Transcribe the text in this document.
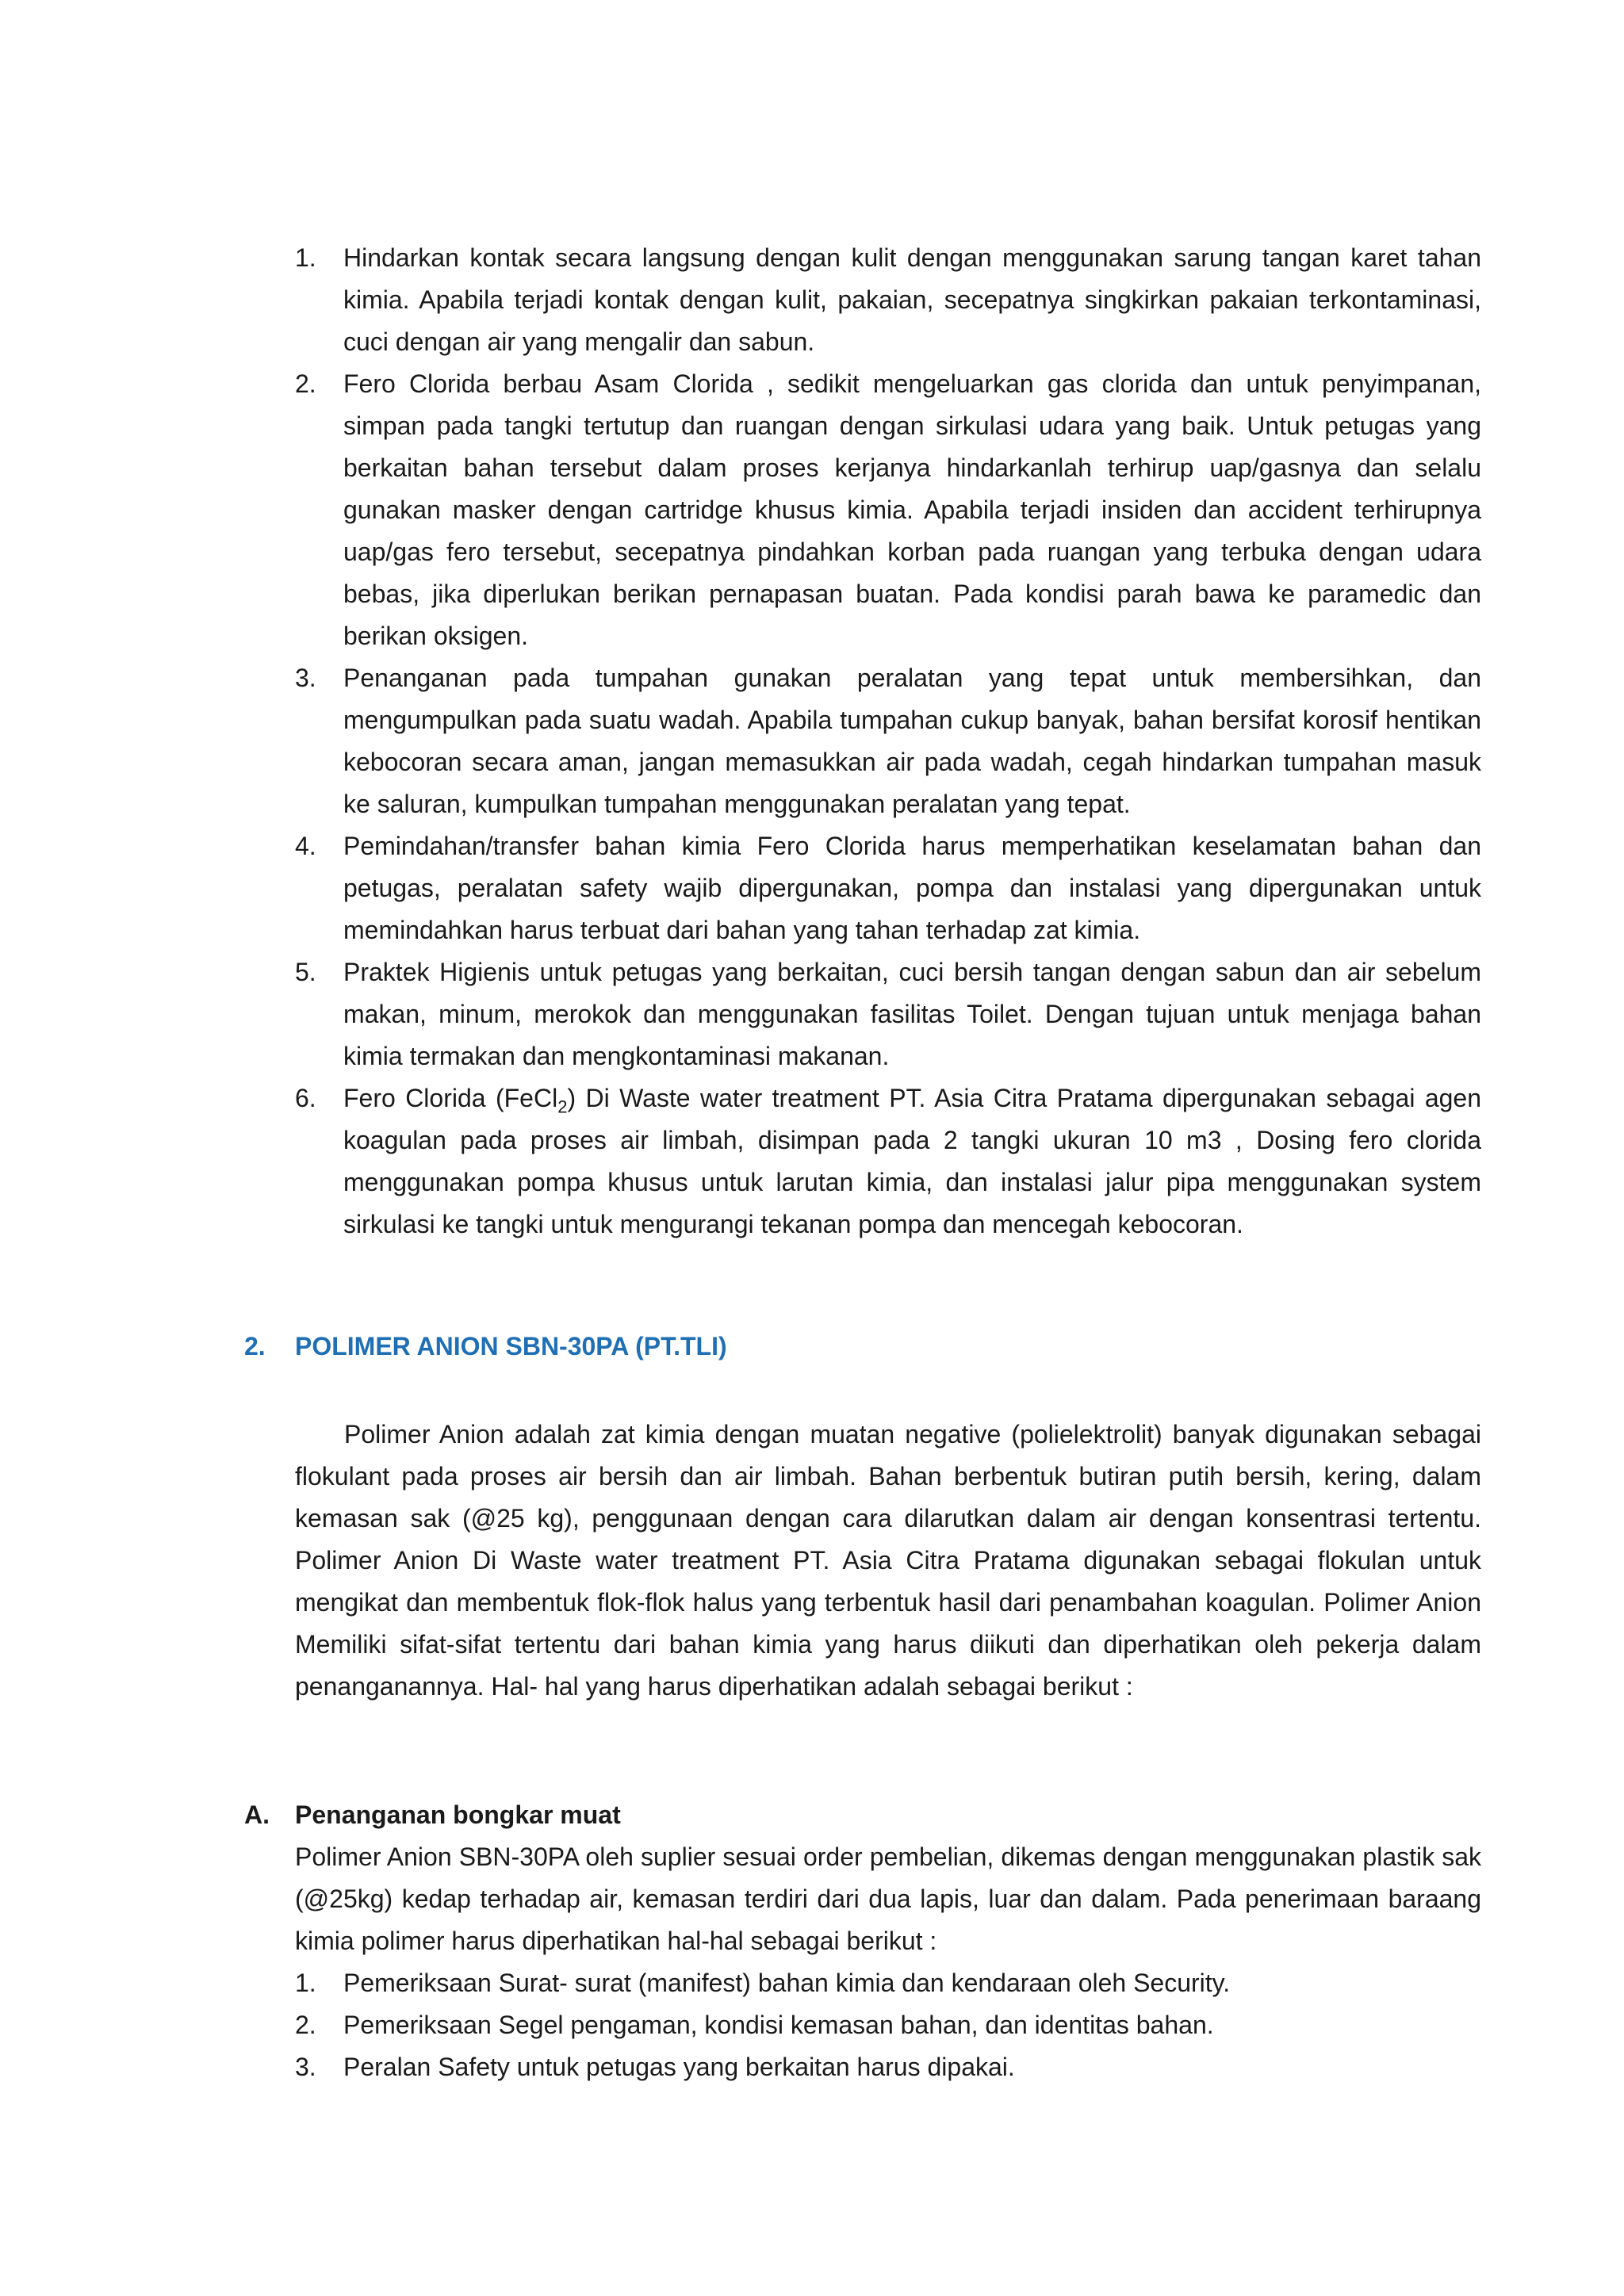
1. Hindarkan kontak secara langsung dengan kulit dengan menggunakan sarung tangan karet tahan kimia. Apabila terjadi kontak dengan kulit, pakaian, secepatnya singkirkan pakaian terkontaminasi, cuci dengan air yang mengalir dan sabun.
2. Fero Clorida berbau Asam Clorida , sedikit mengeluarkan gas clorida dan untuk penyimpanan, simpan pada tangki tertutup dan ruangan dengan sirkulasi udara yang baik. Untuk petugas yang berkaitan bahan tersebut dalam proses kerjanya hindarkanlah terhirup uap/gasnya dan selalu gunakan masker dengan cartridge khusus kimia. Apabila terjadi insiden dan accident terhirupnya uap/gas fero tersebut, secepatnya pindahkan korban pada ruangan yang terbuka dengan udara bebas, jika diperlukan berikan pernapasan buatan. Pada kondisi parah bawa ke paramedic dan berikan oksigen.
3. Penanganan pada tumpahan gunakan peralatan yang tepat untuk membersihkan, dan mengumpulkan pada suatu wadah. Apabila tumpahan cukup banyak, bahan bersifat korosif hentikan kebocoran secara aman, jangan memasukkan air pada wadah, cegah hindarkan tumpahan masuk ke saluran, kumpulkan tumpahan menggunakan peralatan yang tepat.
4. Pemindahan/transfer bahan kimia Fero Clorida harus memperhatikan keselamatan bahan dan petugas, peralatan safety wajib dipergunakan, pompa dan instalasi yang dipergunakan untuk memindahkan harus terbuat dari bahan yang tahan terhadap zat kimia.
5. Praktek Higienis untuk petugas yang berkaitan, cuci bersih tangan dengan sabun dan air sebelum makan, minum, merokok dan menggunakan fasilitas Toilet. Dengan tujuan untuk menjaga bahan kimia termakan dan mengkontaminasi makanan.
6. Fero Clorida (FeCl$_2$) Di Waste water treatment PT. Asia Citra Pratama dipergunakan sebagai agen koagulan pada proses air limbah, disimpan pada 2 tangki ukuran 10 m3 , Dosing fero clorida menggunakan pompa khusus untuk larutan kimia, dan instalasi jalur pipa menggunakan system sirkulasi ke tangki untuk mengurangi tekanan pompa dan mencegah kebocoran.
2. POLIMER ANION SBN-30PA (PT.TLI)

Polimer Anion adalah zat kimia dengan muatan negative (polielektrolit) banyak digunakan sebagai flokulant pada proses air bersih dan air limbah. Bahan berbentuk butiran putih bersih, kering, dalam kemasan sak (@25 kg), penggunaan dengan cara dilarutkan dalam air dengan konsentrasi tertentu. Polimer Anion Di Waste water treatment PT. Asia Citra Pratama digunakan sebagai flokulan untuk mengikat dan membentuk flok-flok halus yang terbentuk hasil dari penambahan koagulan. Polimer Anion Memiliki sifat-sifat tertentu dari bahan kimia yang harus diikuti dan diperhatikan oleh pekerja dalam penanganannya. Hal- hal yang harus diperhatikan adalah sebagai berikut :

A. Penanganan bongkar muat

Polimer Anion SBN-30PA oleh suplier sesuai order pembelian, dikemas dengan menggunakan plastik sak (@25kg) kedap terhadap air, kemasan terdiri dari dua lapis, luar dan dalam. Pada penerimaan baraang kimia polimer harus diperhatikan hal-hal sebagai berikut :

1. Pemeriksaan Surat- surat (manifest) bahan kimia dan kendaraan oleh Security.
2. Pemeriksaan Segel pengaman, kondisi kemasan bahan, dan identitas bahan.
3. Peralan Safety untuk petugas yang berkaitan harus dipakai.
